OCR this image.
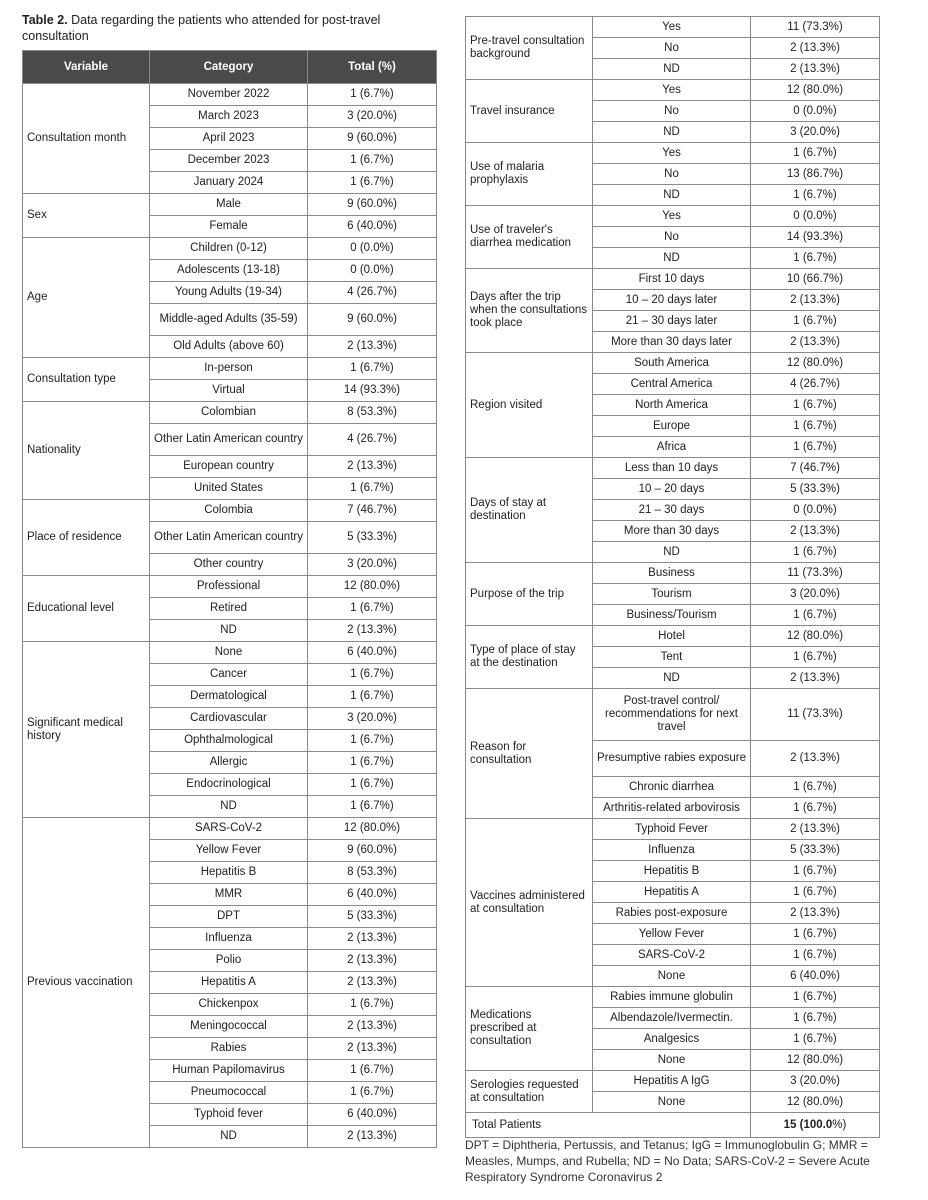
Table 2. Data regarding the patients who attended for post-travel consultation
Variable	Category	Total (%)
Consultation month	November 2022	1 (6.7%)
	March 2023	3 (20.0%)
	April 2023	9 (60.0%)
	December 2023	1 (6.7%)
	January 2024	1 (6.7%)
Sex	Male	9 (60.0%)
	Female	6 (40.0%)
Age	Children (0-12)	0 (0.0%)
	Adolescents (13-18)	0 (0.0%)
	Young Adults (19-34)	4 (26.7%)
	Middle-aged Adults (35-59)	9 (60.0%)
	Old Adults (above 60)	2 (13.3%)
Consultation type	In-person	1 (6.7%)
	Virtual	14 (93.3%)
Nationality	Colombian	8 (53.3%)
	Other Latin American country	4 (26.7%)
	European country	2 (13.3%)
	United States	1 (6.7%)
Place of residence	Colombia	7 (46.7%)
	Other Latin American country	5 (33.3%)
	Other country	3 (20.0%)
Educational level	Professional	12 (80.0%)
	Retired	1 (6.7%)
	ND	2 (13.3%)
Significant medical history	None	6 (40.0%)
	Cancer	1 (6.7%)
	Dermatological	1 (6.7%)
	Cardiovascular	3 (20.0%)
	Ophthalmological	1 (6.7%)
	Allergic	1 (6.7%)
	Endocrinological	1 (6.7%)
	ND	1 (6.7%)
Previous vaccination	SARS-CoV-2	12 (80.0%)
	Yellow Fever	9 (60.0%)
	Hepatitis B	8 (53.3%)
	MMR	6 (40.0%)
	DPT	5 (33.3%)
	Influenza	2 (13.3%)
	Polio	2 (13.3%)
	Hepatitis A	2 (13.3%)
	Chickenpox	1 (6.7%)
	Meningococcal	2 (13.3%)
	Rabies	2 (13.3%)
	Human Papilomavirus	1 (6.7%)
	Pneumococcal	1 (6.7%)
	Typhoid fever	6 (40.0%)
	ND	2 (13.3%)
Pre-travel consultation background	Yes	11 (73.3%)
	No	2 (13.3%)
	ND	2 (13.3%)
Travel insurance	Yes	12 (80.0%)
	No	0 (0.0%)
	ND	3 (20.0%)
Use of malaria prophylaxis	Yes	1 (6.7%)
	No	13 (86.7%)
	ND	1 (6.7%)
Use of traveler's diarrhea medication	Yes	0 (0.0%)
	No	14 (93.3%)
	ND	1 (6.7%)
Days after the trip when the consultations took place	First 10 days	10 (66.7%)
	10 – 20 days later	2 (13.3%)
	21 – 30 days later	1 (6.7%)
	More than 30 days later	2 (13.3%)
Region visited	South America	12 (80.0%)
	Central America	4 (26.7%)
	North America	1 (6.7%)
	Europe	1 (6.7%)
	Africa	1 (6.7%)
Days of stay at destination	Less than 10 days	7 (46.7%)
	10 – 20 days	5 (33.3%)
	21 – 30 days	0 (0.0%)
	More than 30 days	2 (13.3%)
	ND	1 (6.7%)
Purpose of the trip	Business	11 (73.3%)
	Tourism	3 (20.0%)
	Business/Tourism	1 (6.7%)
Type of place of stay at the destination	Hotel	12 (80.0%)
	Tent	1 (6.7%)
	ND	2 (13.3%)
Reason for consultation	Post-travel control/ recommendations for next travel	11 (73.3%)
	Presumptive rabies exposure	2 (13.3%)
	Chronic diarrhea	1 (6.7%)
	Arthritis-related arbovirosis	1 (6.7%)
Vaccines administered at consultation	Typhoid Fever	2 (13.3%)
	Influenza	5 (33.3%)
	Hepatitis B	1 (6.7%)
	Hepatitis A	1 (6.7%)
	Rabies post-exposure	2 (13.3%)
	Yellow Fever	1 (6.7%)
	SARS-CoV-2	1 (6.7%)
	None	6 (40.0%)
Medications prescribed at consultation	Rabies immune globulin	1 (6.7%)
	Albendazole/Ivermectin.	1 (6.7%)
	Analgesics	1 (6.7%)
	None	12 (80.0%)
Serologies requested at consultation	Hepatitis A IgG	3 (20.0%)
	None	12 (80.0%)
Total Patients		15 (100.0%)
DPT = Diphtheria, Pertussis, and Tetanus; IgG = Immunoglobulin G; MMR = Measles, Mumps, and Rubella; ND = No Data; SARS-CoV-2 = Severe Acute Respiratory Syndrome Coronavirus 2
